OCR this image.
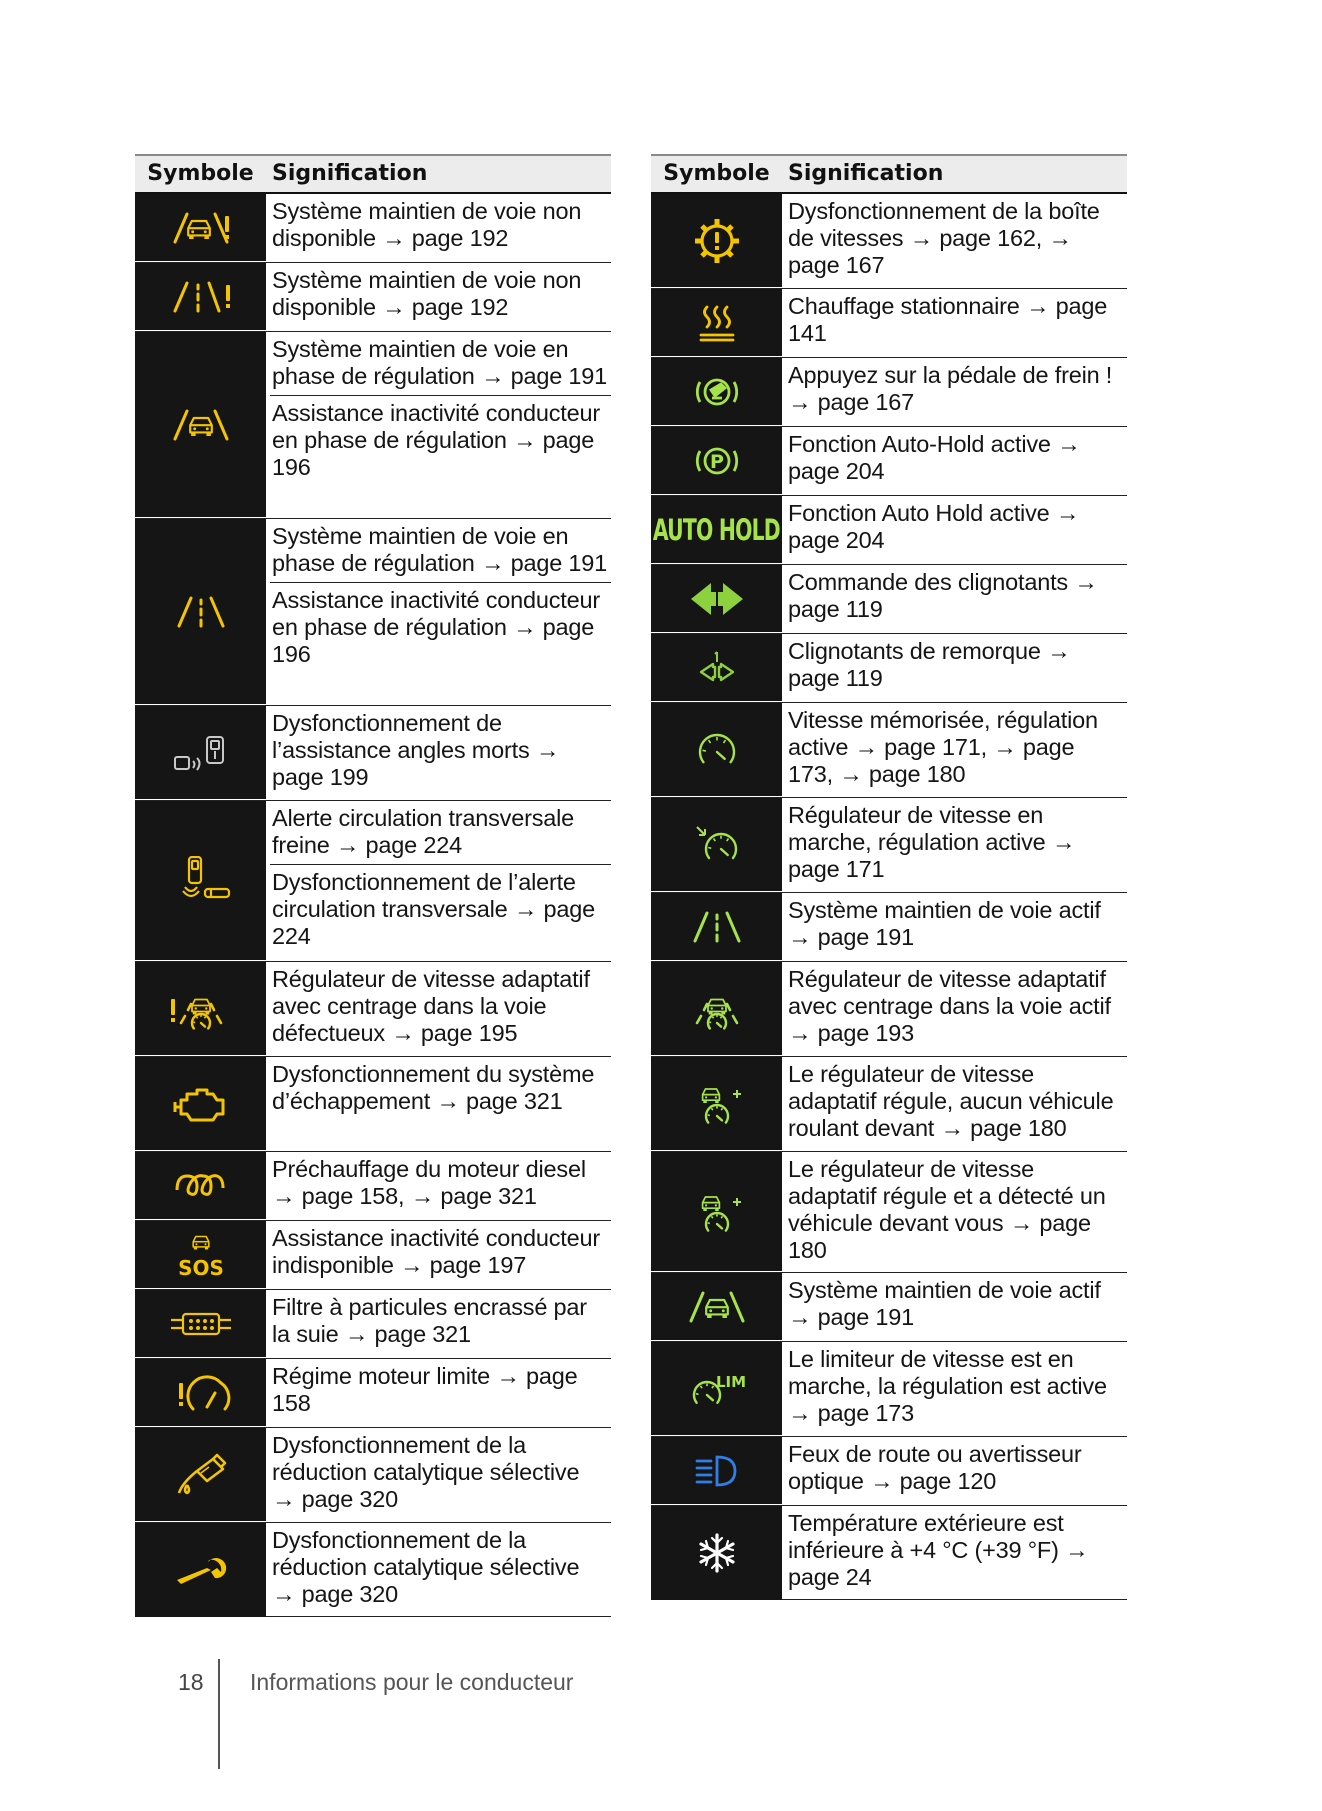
Symbole Signification
Système maintien de voie non disponible → page 192
Système maintien de voie non disponible → page 192
Système maintien de voie en phase de régulation → page 191
Assistance inactivité conducteur en phase de régulation → page 196
Système maintien de voie en phase de régulation → page 191
Assistance inactivité conducteur en phase de régulation → page 196
Dysfonctionnement de l’assistance angles morts → page 199
Alerte circulation transversale freine → page 224
Dysfonctionnement de l’alerte circulation transversale → page 224
Régulateur de vitesse adaptatif avec centrage dans la voie défectueux → page 195
Dysfonctionnement du système d’échappement → page 321
Préchauffage du moteur diesel → page 158, → page 321
SOS
Assistance inactivité conducteur indisponible → page 197
Filtre à particules encrassé par la suie → page 321
Régime moteur limite → page 158
Dysfonctionnement de la réduction catalytique sélective → page 320
Dysfonctionnement de la réduction catalytique sélective → page 320
Symbole Signification
Dysfonctionnement de la boîte de vitesses → page 162, → page 167
Chauffage stationnaire → page 141
Appuyez sur la pédale de frein ! → page 167
P
Fonction Auto-Hold active → page 204
AUTO HOLD Fonction Auto Hold active → page 204
Commande des clignotants → page 119
Clignotants de remorque → page 119
Vitesse mémorisée, régulation active → page 171, → page 173, → page 180
Régulateur de vitesse en marche, régulation active → page 171
Système maintien de voie actif → page 191
Régulateur de vitesse adaptatif avec centrage dans la voie actif → page 193
Le régulateur de vitesse adaptatif régule, aucun véhicule roulant devant → page 180
Le régulateur de vitesse adaptatif régule et a détecté un véhicule devant vous → page 180
Système maintien de voie actif → page 191
LIM
Le limiteur de vitesse est en marche, la régulation est active → page 173
Feux de route ou avertisseur optique → page 120
Température extérieure est inférieure à +4 °C (+39 °F) → page 24
18 Informations pour le conducteur
